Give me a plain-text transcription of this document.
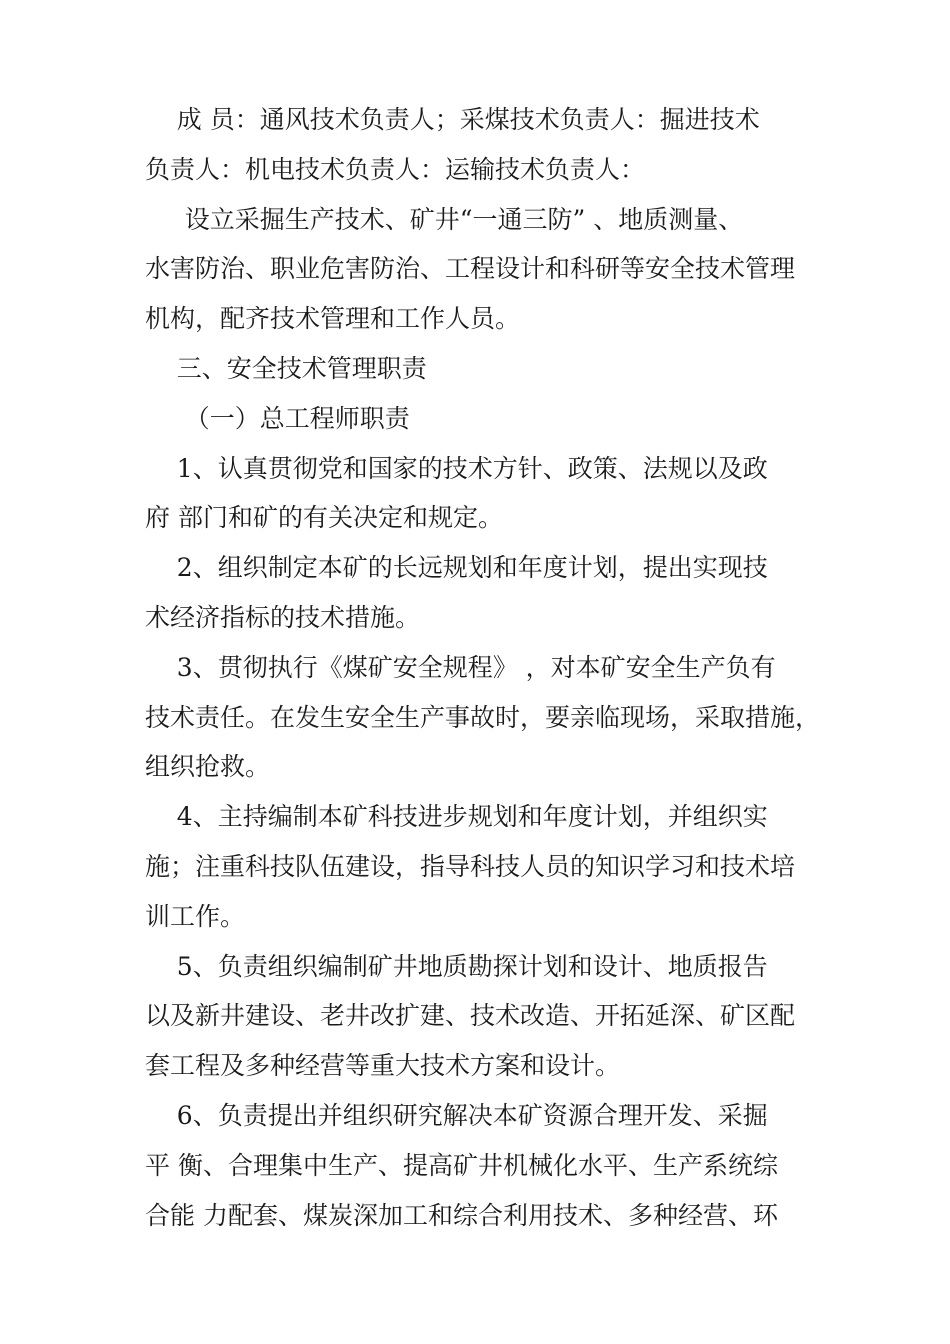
成 员：通风技术负责人；采煤技术负责人：掘进技术
负责人：机电技术负责人：运输技术负责人：
设立采掘生产技术、矿井“一通三防” 、地质测量、
水害防治、职业危害防治、工程设计和科研等安全技术管理
机构，配齐技术管理和工作人员。
三、安全技术管理职责
（一）总工程师职责
1、认真贯彻党和国家的技术方针、政策、法规以及政
府 部门和矿的有关决定和规定。
2、组织制定本矿的长远规划和年度计划，提出实现技
术经济指标的技术措施。
3、贯彻执行《煤矿安全规程》 ，对本矿安全生产负有
技术责任。在发生安全生产事故时，要亲临现场，采取措施，
组织抢救。
4、主持编制本矿科技进步规划和年度计划，并组织实
施；注重科技队伍建设，指导科技人员的知识学习和技术培
训工作。
5、负责组织编制矿井地质勘探计划和设计、地质报告
以及新井建设、老井改扩建、技术改造、开拓延深、矿区配
套工程及多种经营等重大技术方案和设计。
6、负责提出并组织研究解决本矿资源合理开发、采掘
平 衡、合理集中生产、提高矿井机械化水平、生产系统综
合能 力配套、煤炭深加工和综合利用技术、多种经营、环
